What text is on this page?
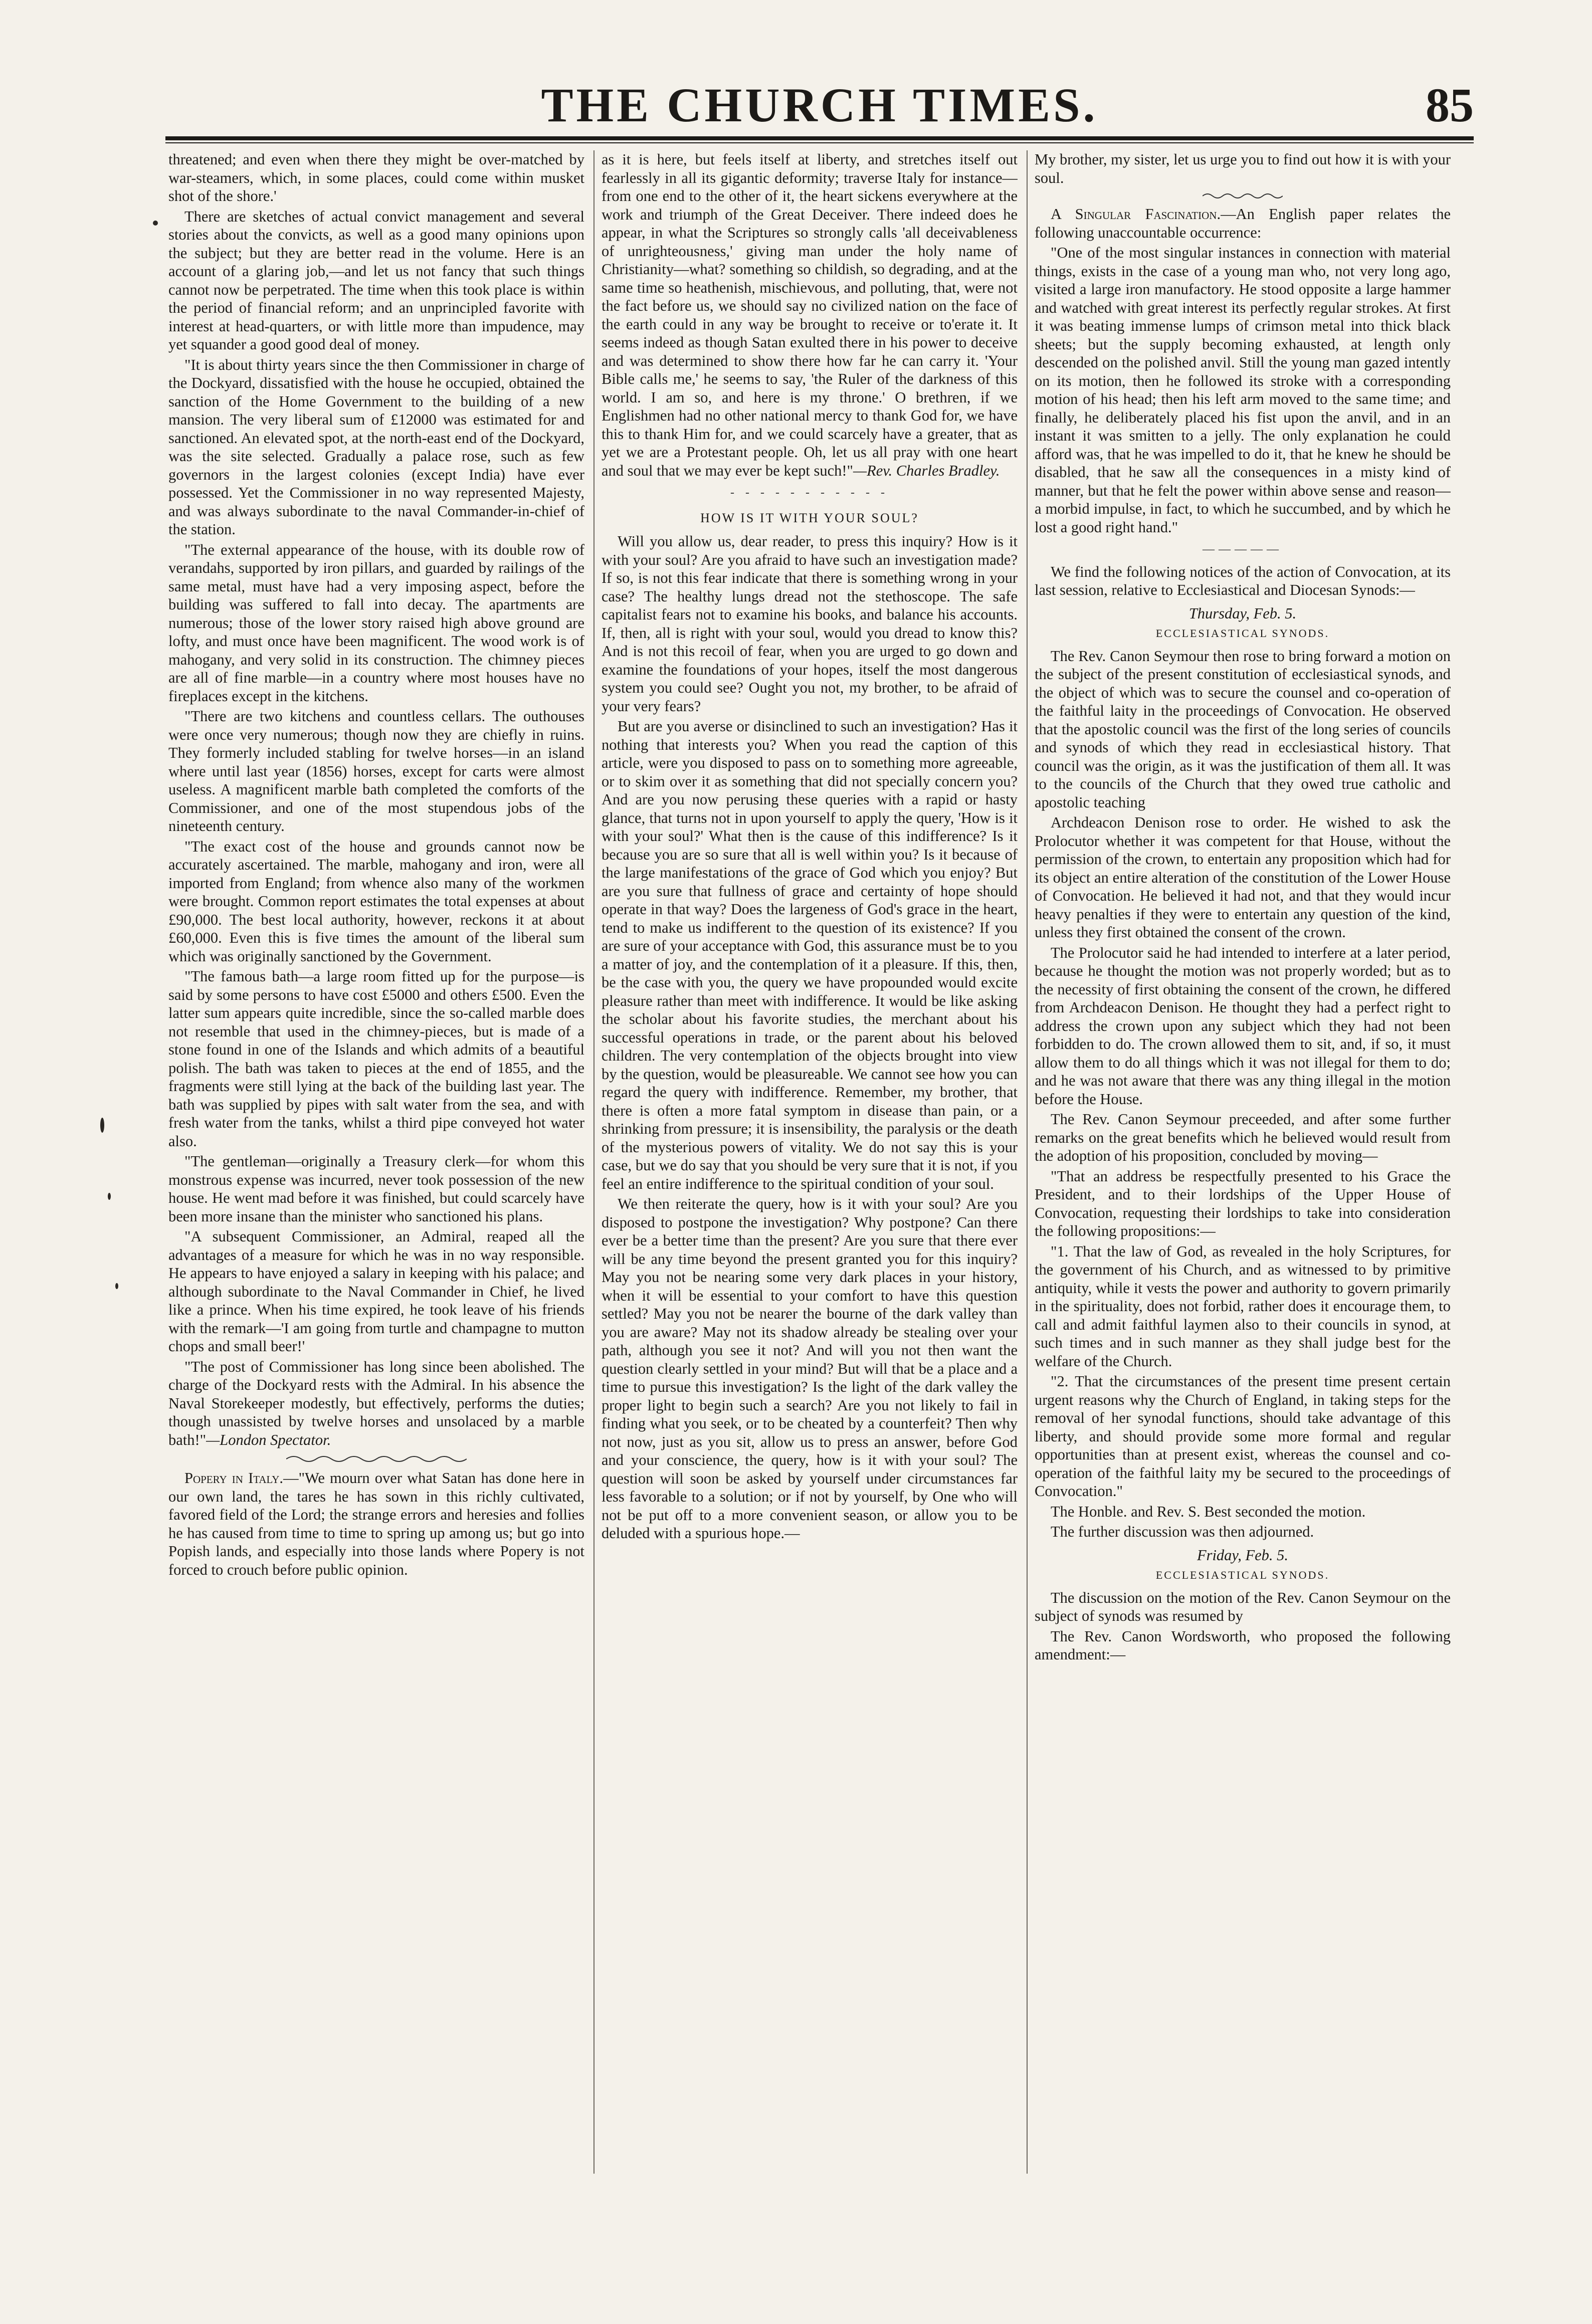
THE CHURCH TIMES.	85

threatened; and even when there they might be over-matched by war-steamers, which, in some places, could come within musket shot of the shore.'

There are sketches of actual convict management and several stories about the convicts, as well as a good many opinions upon the subject; but they are better read in the volume. Here is an account of a glaring job,—and let us not fancy that such things cannot now be perpetrated. The time when this took place is within the period of financial reform; and an unprincipled favorite with interest at head-quarters, or with little more than impudence, may yet squander a good good deal of money.

"It is about thirty years since the then Commissioner in charge of the Dockyard, dissatisfied with the house he occupied, obtained the sanction of the Home Government to the building of a new mansion. The very liberal sum of £12000 was estimated for and sanctioned. An elevated spot, at the north-east end of the Dockyard, was the site selected. Gradually a palace rose, such as few governors in the largest colonies (except India) have ever possessed. Yet the Commissioner in no way represented Majesty, and was always subordinate to the naval Commander-in-chief of the station.

"The external appearance of the house, with its double row of verandahs, supported by iron pillars, and guarded by railings of the same metal, must have had a very imposing aspect, before the building was suffered to fall into decay. The apartments are numerous; those of the lower story raised high above ground are lofty, and must once have been magnificent. The wood work is of mahogany, and very solid in its construction. The chimney pieces are all of fine marble—in a country where most houses have no fireplaces except in the kitchens.

"There are two kitchens and countless cellars. The outhouses were once very numerous; though now they are chiefly in ruins. They formerly included stabling for twelve horses—in an island where until last year (1856) horses, except for carts were almost useless. A magnificent marble bath completed the comforts of the Commissioner, and one of the most stupendous jobs of the nineteenth century.

"The exact cost of the house and grounds cannot now be accurately ascertained. The marble, mahogany and iron, were all imported from England; from whence also many of the workmen were brought. Common report estimates the total expenses at about £90,000. The best local authority, however, reckons it at about £60,000. Even this is five times the amount of the liberal sum which was originally sanctioned by the Government.

"The famous bath—a large room fitted up for the purpose—is said by some persons to have cost £5000 and others £500. Even the latter sum appears quite incredible, since the so-called marble does not resemble that used in the chimney-pieces, but is made of a stone found in one of the Islands and which admits of a beautiful polish. The bath was taken to pieces at the end of 1855, and the fragments were still lying at the back of the building last year. The bath was supplied by pipes with salt water from the sea, and with fresh water from the tanks, whilst a third pipe conveyed hot water also.

"The gentleman—originally a Treasury clerk—for whom this monstrous expense was incurred, never took possession of the new house. He went mad before it was finished, but could scarcely have been more insane than the minister who sanctioned his plans.

"A subsequent Commissioner, an Admiral, reaped all the advantages of a measure for which he was in no way responsible. He appears to have enjoyed a salary in keeping with his palace; and although subordinate to the Naval Commander in Chief, he lived like a prince. When his time expired, he took leave of his friends with the remark—'I am going from turtle and champagne to mutton chops and small beer!'

"The post of Commissioner has long since been abolished. The charge of the Dockyard rests with the Admiral. In his absence the Naval Storekeeper modestly, but effectively, performs the duties; though unassisted by twelve horses and unsolaced by a marble bath!"—London Spectator.

Popery in Italy.—"We mourn over what Satan has done here in our own land, the tares he has sown in this richly cultivated, favored field of the Lord; the strange errors and heresies and follies he has caused from time to time to spring up among us; but go into Popish lands, and especially into those lands where Popery is not forced to crouch before public opinion.

as it is here, but feels itself at liberty, and stretches itself out fearlessly in all its gigantic deformity; traverse Italy for instance—from one end to the other of it, the heart sickens everywhere at the work and triumph of the Great Deceiver. There indeed does he appear, in what the Scriptures so strongly calls 'all deceivableness of unrighteousness,' giving man under the holy name of Christianity—what? something so childish, so degrading, and at the same time so heathenish, mischievous, and polluting, that, were not the fact before us, we should say no civilized nation on the face of the earth could in any way be brought to receive or to'erate it. It seems indeed as though Satan exulted there in his power to deceive and was determined to show there how far he can carry it. 'Your Bible calls me,' he seems to say, 'the Ruler of the darkness of this world. I am so, and here is my throne.' O brethren, if we Englishmen had no other national mercy to thank God for, we have this to thank Him for, and we could scarcely have a greater, that as yet we are a Protestant people. Oh, let us all pray with one heart and soul that we may ever be kept such!"—Rev. Charles Bradley.

- - - - - - - - - - -
HOW IS IT WITH YOUR SOUL?

Will you allow us, dear reader, to press this inquiry? How is it with your soul? Are you afraid to have such an investigation made? If so, is not this fear indicate that there is something wrong in your case? The healthy lungs dread not the stethoscope. The safe capitalist fears not to examine his books, and balance his accounts. If, then, all is right with your soul, would you dread to know this? And is not this recoil of fear, when you are urged to go down and examine the foundations of your hopes, itself the most dangerous system you could see? Ought you not, my brother, to be afraid of your very fears?

But are you averse or disinclined to such an investigation? Has it nothing that interests you? When you read the caption of this article, were you disposed to pass on to something more agreeable, or to skim over it as something that did not specially concern you? And are you now perusing these queries with a rapid or hasty glance, that turns not in upon yourself to apply the query, 'How is it with your soul?' What then is the cause of this indifference? Is it because you are so sure that all is well within you? Is it because of the large manifestations of the grace of God which you enjoy? But are you sure that fullness of grace and certainty of hope should operate in that way? Does the largeness of God's grace in the heart, tend to make us indifferent to the question of its existence? If you are sure of your acceptance with God, this assurance must be to you a matter of joy, and the contemplation of it a pleasure. If this, then, be the case with you, the query we have propounded would excite pleasure rather than meet with indifference. It would be like asking the scholar about his favorite studies, the merchant about his successful operations in trade, or the parent about his beloved children. The very contemplation of the objects brought into view by the question, would be pleasureable. We cannot see how you can regard the query with indifference. Remember, my brother, that there is often a more fatal symptom in disease than pain, or a shrinking from pressure; it is insensibility, the paralysis or the death of the mysterious powers of vitality. We do not say this is your case, but we do say that you should be very sure that it is not, if you feel an entire indifference to the spiritual condition of your soul.

We then reiterate the query, how is it with your soul? Are you disposed to postpone the investigation? Why postpone? Can there ever be a better time than the present? Are you sure that there ever will be any time beyond the present granted you for this inquiry? May you not be nearing some very dark places in your history, when it will be essential to your comfort to have this question settled? May you not be nearer the bourne of the dark valley than you are aware? May not its shadow already be stealing over your path, although you see it not? And will you not then want the question clearly settled in your mind? But will that be a place and a time to pursue this investigation? Is the light of the dark valley the proper light to begin such a search? Are you not likely to fail in finding what you seek, or to be cheated by a counterfeit? Then why not now, just as you sit, allow us to press an answer, before God and your conscience, the query, how is it with your soul? The question will soon be asked by yourself under circumstances far less favorable to a solution; or if not by yourself, by One who will not be put off to a more convenient season, or allow you to be deluded with a spurious hope.—

My brother, my sister, let us urge you to find out how it is with your soul.

A Singular Fascination.—An English paper relates the following unaccountable occurrence:

"One of the most singular instances in connection with material things, exists in the case of a young man who, not very long ago, visited a large iron manufactory. He stood opposite a large hammer and watched with great interest its perfectly regular strokes. At first it was beating immense lumps of crimson metal into thick black sheets; but the supply becoming exhausted, at length only descended on the polished anvil. Still the young man gazed intently on its motion, then he followed its stroke with a corresponding motion of his head; then his left arm moved to the same time; and finally, he deliberately placed his fist upon the anvil, and in an instant it was smitten to a jelly. The only explanation he could afford was, that he was impelled to do it, that he knew he should be disabled, that he saw all the consequences in a misty kind of manner, but that he felt the power within above sense and reason—a morbid impulse, in fact, to which he succumbed, and by which he lost a good right hand."

—————

We find the following notices of the action of Convocation, at its last session, relative to Ecclesiastical and Diocesan Synods:—

Thursday, Feb. 5.
ECCLESIASTICAL SYNODS.

The Rev. Canon Seymour then rose to bring forward a motion on the subject of the present constitution of ecclesiastical synods, and the object of which was to secure the counsel and co-operation of the faithful laity in the proceedings of Convocation. He observed that the apostolic council was the first of the long series of councils and synods of which they read in ecclesiastical history. That council was the origin, as it was the justification of them all. It was to the councils of the Church that they owed true catholic and apostolic teaching

Archdeacon Denison rose to order. He wished to ask the Prolocutor whether it was competent for that House, without the permission of the crown, to entertain any proposition which had for its object an entire alteration of the constitution of the Lower House of Convocation. He believed it had not, and that they would incur heavy penalties if they were to entertain any question of the kind, unless they first obtained the consent of the crown.

The Prolocutor said he had intended to interfere at a later period, because he thought the motion was not properly worded; but as to the necessity of first obtaining the consent of the crown, he differed from Archdeacon Denison. He thought they had a perfect right to address the crown upon any subject which they had not been forbidden to do. The crown allowed them to sit, and, if so, it must allow them to do all things which it was not illegal for them to do; and he was not aware that there was any thing illegal in the motion before the House.

The Rev. Canon Seymour preceeded, and after some further remarks on the great benefits which he believed would result from the adoption of his proposition, concluded by moving—

"That an address be respectfully presented to his Grace the President, and to their lordships of the Upper House of Convocation, requesting their lordships to take into consideration the following propositions:—

"1. That the law of God, as revealed in the holy Scriptures, for the government of his Church, and as witnessed to by primitive antiquity, while it vests the power and authority to govern primarily in the spirituality, does not forbid, rather does it encourage them, to call and admit faithful laymen also to their councils in synod, at such times and in such manner as they shall judge best for the welfare of the Church.

"2. That the circumstances of the present time present certain urgent reasons why the Church of England, in taking steps for the removal of her synodal functions, should take advantage of this liberty, and should provide some more formal and regular opportunities than at present exist, whereas the counsel and co-operation of the faithful laity my be secured to the proceedings of Convocation."

The Honble. and Rev. S. Best seconded the motion.

The further discussion was then adjourned.

Friday, Feb. 5.
ECCLESIASTICAL SYNODS.

The discussion on the motion of the Rev. Canon Seymour on the subject of synods was resumed by

The Rev. Canon Wordsworth, who proposed the following amendment:—
